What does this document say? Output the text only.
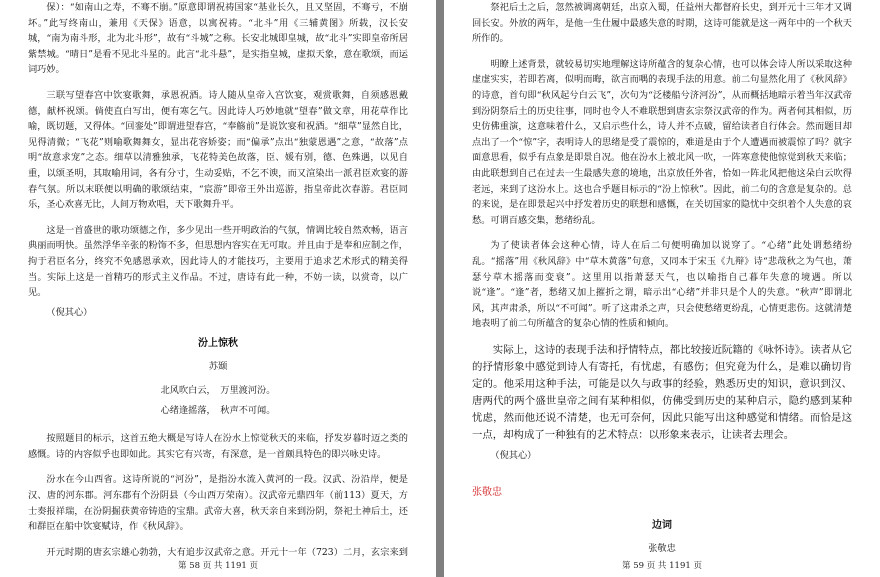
保）：“如南山之寿，不骞不崩。”原意即谓祝祷国家“基业长久，且又坚固，不骞亏，不崩坏。”此写终南山，兼用《天保》语意，以寓祝祷。“北斗”用《三辅黄图》所载，汉长安城，“南为南斗形，北为北斗形”，故有“斗城”之称。长安北城即皇城，故“北斗”实即皇帝所居紫禁城。“晴日”是看不见北斗星的。此言“北斗悬”，是实指皇城，虚拟天象，意在歌颂，而运词巧妙。

三联写望春宫中饮宴歌舞，承恩祝酒。诗人随从皇帝入宫饮宴，观赏歌舞，自须感恩戴德，献杯祝颂。倘使直白写出，便有寒乞气。因此诗人巧妙地就“望春”做文章，用花草作比喻，既切题，又得体。“回銮处”即谓进望春宫，“奉觞前”是说饮宴和祝酒。“细草”显然自比，见得清微；“飞花”则喻歌舞舞女，显出花容娇姿；而“偏承”点出“独蒙恩遇”之意，“故落”点明“故意求宠”之态。细草以清雅独承，飞花特美色故落，臣、媛有别，德、色殊遇，以见自重，以颂圣明，其取喻用词，各有分寸，生动妥贴，不乞不谀，而又渲染出一派君臣欢宴的游春气氛。所以末联便以明确的歌颂结束，“宸游”即帝王外出巡游，指皇帝此次春游。君臣同乐，圣心欢喜无比，人间万物欢唱，天下歌舞升平。

这是一首盛世的歌功颂德之作，多少见出一些开明政治的气氛，情调比较自然欢畅，语言典丽而明快。虽然浮华辛张的粉饰不多，但思想内容实在无可取。并且由于是奉和应制之作，拘于君臣名分，终究不免感恩承欢，因此诗人的才能技巧，主要用于追求艺术形式的精美得当。实际上这是一首精巧的形式主义作品。不过，唐诗有此一种，不妨一读，以赏奇，以广见。

（倪其心）

汾上惊秋

苏颋

北风吹白云，　万里渡河汾。

心绪逢摇落，　秋声不可闻。

按照题目的标示，这首五绝大概是写诗人在汾水上惊觉秋天的来临，抒发岁暮时迈之类的感慨。诗的内容似乎也即如此。其实它有兴寄，有深意，是一首颇具特色的即兴咏史诗。

汾水在今山西省。这诗所说的“河汾”，是指汾水流入黄河的一段。汉武、汾沿岸，便是汉、唐的河东郡。河东郡有个汾阴县（今山西万荣南）。汉武帝元鼎四年（前113）夏天，方士奏报祥瑞，在汾阴掘获黄帝铸造的宝鼎。武帝大喜，秋天亲自来到汾阴，祭祀土神后土，还和群臣在船中饮宴赋诗，作《秋风辞》。

开元时期的唐玄宗雄心勃勃，大有追步汉武帝之意。开元十一年（723）二月，玄宗来到

第 58 页 共 1191 页

祭祀后土之后，忽然被调离朝廷，出京入蜀，任益州大都督府长史，到开元十三年才又调回长安。外放的两年，是他一生仕履中最感失意的时期，这诗可能就是这一两年中的一个秋天所作的。

明瞭上述背景，就较易切实地理解这诗所蕴含的复杂心情，也可以体会诗人所以采取这种虚虚实实，若即若离，似明而晦，欲言而喁的表现手法的用意。前二句显然化用了《秋风辞》的诗意，首句即“秋风起兮白云飞”，次句为“泛楼船兮济河汾”，从而概括地暗示着当年汉武帝到汾阴祭后土的历史往事，同时也令人不难联想到唐玄宗祭汉武帝的作为。两者何其相似，历史仿佛重演，这意味着什么，又启示些什么，诗人并不点破，留给读者自行体会。然而题目却点出了一个“惊”字，表明诗人的思绪是受了震惊的，难道是由于个人遭遇而被震惊了吗？就字面意思看，似乎有点象是即景自况。他在汾水上被北风一吹，一阵寒意使他惊觉到秋天来临；由此联想到自己在过去一生最感失意的境地，出京放任外省，恰如一阵北风把他这朵白云吹得老远，来到了这汾水上。这也合乎题目标示的“汾上惊秋”。因此，前二句的含意是复杂的。总的来说，是在即景起兴中抒发着历史的联想和感慨，在关切国家的隐忧中交织着个人失意的哀愁。可谓百感交集，愁绪纷乱。

为了使读者体会这种心情，诗人在后二句便明确加以说穿了。“心绪”此处谓愁绪纷乱。“摇落”用《秋风辞》中“草木黄落”句意，又同本于宋玉《九辩》诗“悲哉秋之为气也，萧瑟兮草木摇落而变衰”。这里用以指萧瑟天气，也以喻指自己暮年失意的境遇。所以说“逢”。“逢”者，愁绪又加上摧折之谓，暗示出“心绪”并非只是个人的失意。“秋声”即谓北风，其声肃杀，所以“不可闻”。听了这肃杀之声，只会使愁绪更纷乱，心情更悲伤。这就清楚地表明了前二句所蕴含的复杂心情的性质和倾向。

实际上，这诗的表现手法和抒情特点，都比较接近阮籍的《咏怀诗》。读者从它的抒情形象中感觉到诗人有寄托，有忧虑，有感伤；但究竟为什么，是难以确切肯定的。他采用这种手法，可能是以久与政事的经验，熟悉历史的知识，意识到汉、唐两代的两个盛世皇帝之间有某种相似，仿佛受到历史的某种启示，隐约感到某种忧虑，然而他还说不清楚，也无可奈何，因此只能写出这种感觉和情绪。而恰是这一点，却构成了一种独有的艺术特点：以形象来表示，让读者去理会。

（倪其心）

张敬忠
边词

张敬忠

第 59 页 共 1191 页
